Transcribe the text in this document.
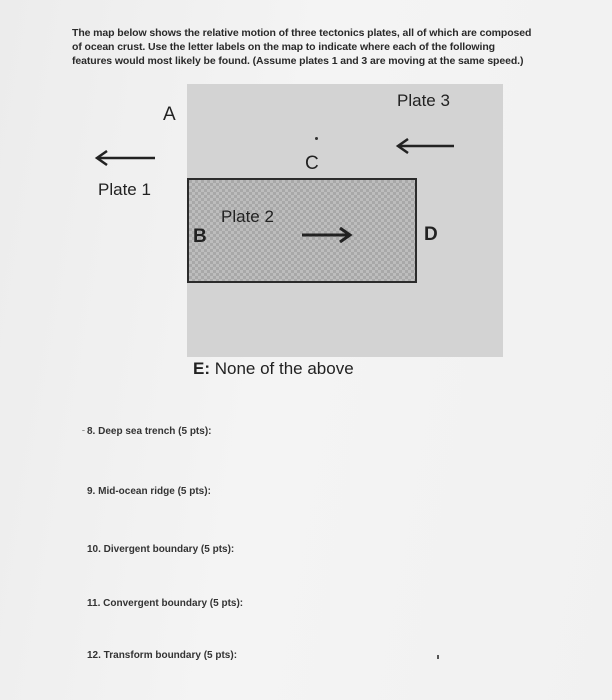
The map below shows the relative motion of three tectonics plates, all of which are composed
of ocean crust. Use the letter labels on the map to indicate where each of the following
features would most likely be found. (Assume plates 1 and 3 are moving at the same speed.)
A
Plate 3
Plate 1
Plate 2
C
B	D
E: None of the above
ˉ 8. Deep sea trench (5 pts):
9. Mid-ocean ridge (5 pts):
10. Divergent boundary (5 pts):
11. Convergent boundary (5 pts):
12. Transform boundary (5 pts):
